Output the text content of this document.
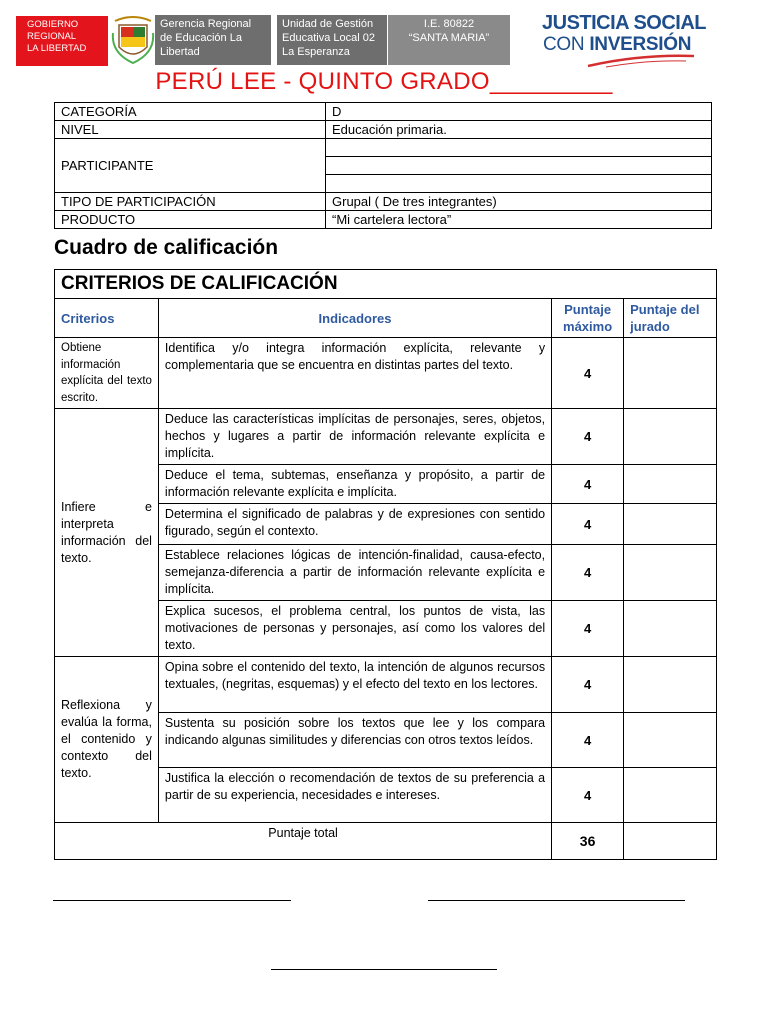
GOBIERNO
REGIONAL
LA LIBERTAD
Gerencia Regional
de Educación La
Libertad
Unidad de Gestión
Educativa Local 02
La Esperanza
I.E. 80822
“SANTA MARIA”
JUSTICIA SOCIAL
CON INVERSIÓN
PERÚ LEE - QUINTO GRADO_________
CATEGORÍA	D
NIVEL	Educación primaria.
PARTICIPANTE	

TIPO DE PARTICIPACIÓN	Grupal ( De tres integrantes)
PRODUCTO	“Mi cartelera lectora”
Cuadro de calificación
CRITERIOS DE CALIFICACIÓN			
Criterios	Indicadores	Puntaje máximo	Puntaje del jurado
Obtiene información explícita del texto escrito.	Identifica y/o integra información explícita, relevante y complementaria que se encuentra en distintas partes del texto.	4	
Infiere e interpreta información del texto.	Deduce las características implícitas de personajes, seres, objetos, hechos y lugares a partir de información relevante explícita e implícita.	4	
	Deduce el tema, subtemas, enseñanza y propósito, a partir de información relevante explícita e implícita.	4	
	Determina el significado de palabras y de expresiones con sentido figurado, según el contexto.	4	
	Establece relaciones lógicas de intención-finalidad, causa-efecto, semejanza-diferencia a partir de información relevante explícita e implícita.	4	
	Explica sucesos, el problema central, los puntos de vista, las motivaciones de personas y personajes, así como los valores del texto.	4	
Reflexiona y evalúa la forma, el contenido y contexto del texto.	Opina sobre el contenido del texto, la intención de algunos recursos textuales, (negritas, esquemas) y el efecto del texto en los lectores.	4	
	Sustenta su posición sobre los textos que lee y los compara indicando algunas similitudes y diferencias con otros textos leídos.	4	
	Justifica la elección o recomendación de textos de su preferencia a partir de su experiencia, necesidades e intereses.	4	
Puntaje total		36	
